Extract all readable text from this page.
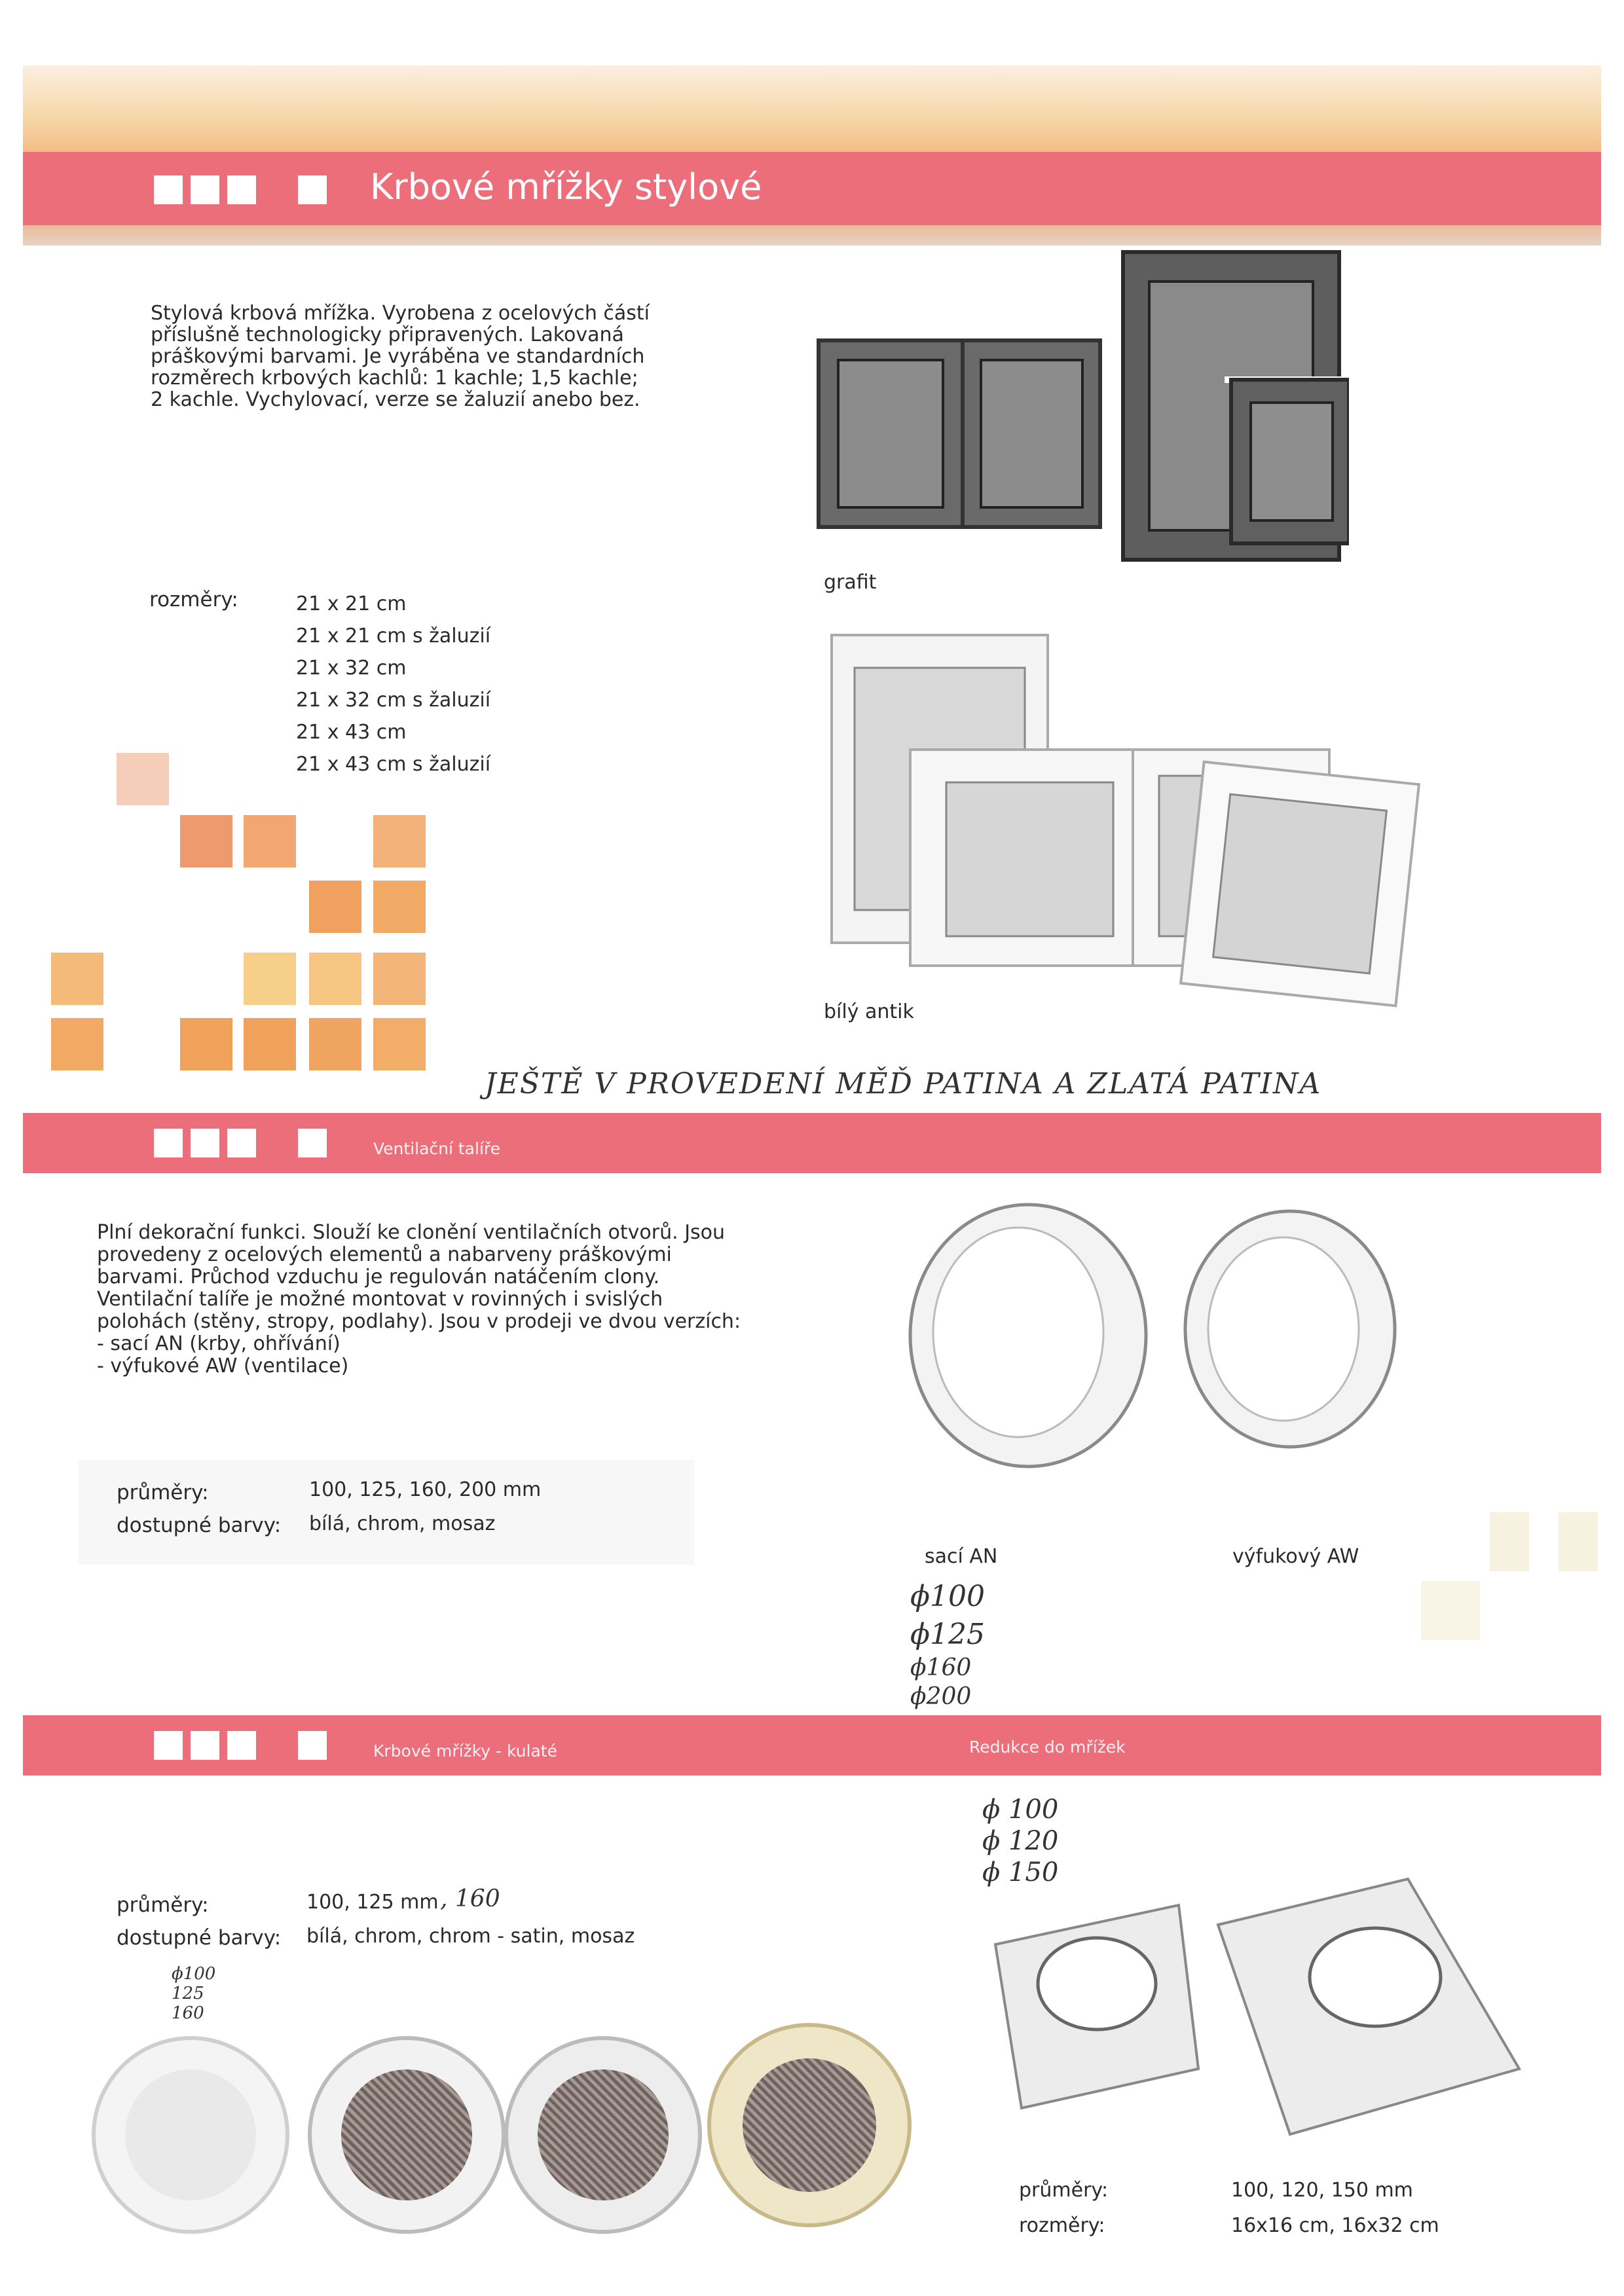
Krbové mřížky stylové
Stylová krbová mřížka. Vyrobena z ocelových částí příslušně technologicky připravených. Lakovaná práškovými barvami. Je vyráběna ve standardních rozměrech krbových kachlů: 1 kachle; 1,5 kachle; 2 kachle. Vychylovací, verze se žaluzií anebo bez.
rozměry:	21 x 21 cm
21 x 21 cm s žaluzií
21 x 32 cm
21 x 32 cm s žaluzií
21 x 43 cm
21 x 43 cm s žaluzií
grafit
bílý antik
JEŠTĚ V PROVEDENÍ MĚĎ PATINA A ZLATÁ PATINA
Ventilační talíře
Plní dekorační funkci. Slouží ke clonění ventilačních otvorů. Jsou provedeny z ocelových elementů a nabarveny práškovými barvami. Průchod vzduchu je regulován natáčením clony. Ventilační talíře je možné montovat v rovinných i svislých polohách (stěny, stropy, podlahy). Jsou v prodeji ve dvou verzích:
- sací AN (krby, ohřívání)
- výfukové AW (ventilace)
průměry:	100, 125, 160, 200 mm
dostupné barvy: bílá, chrom, mosaz
sací AN	výfukový AW
ϕ100
ϕ125
ϕ160
ϕ200
Krbové mřížky - kulaté	Redukce do mřížek
průměry:	100, 125 mm , 160
dostupné barvy: bílá, chrom, chrom - satin, mosaz
ϕ100
125
160
ϕ 100
ϕ 120
ϕ 150
průměry:	100, 120, 150 mm
rozměry:	16x16 cm, 16x32 cm
